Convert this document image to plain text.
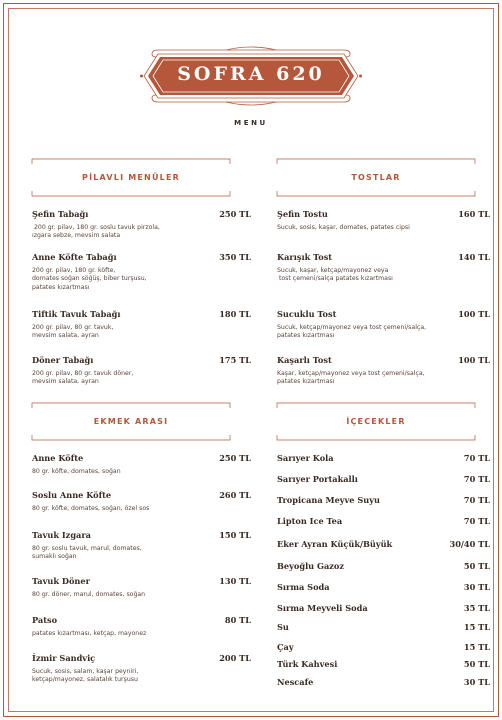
SOFRA 620
MENU
PİLAVLI MENÜLER	TOSTLAR
EKMEK ARASI	İÇECEKLER
Şefin Tabağı	250 TL
200 gr. pilav, 180 gr. soslu tavuk pirzola,
ızgara sebze, mevsim salata
Anne Köfte Tabağı	350 TL
200 gr. pilav, 180 gr. köfte,
domates soğan söğüş, biber turşusu,
patates kızartması
Tiftik Tavuk Tabağı	180 TL
200 gr. pilav, 80 gr. tavuk,
mevsim salata, ayran
Döner Tabağı	175 TL
200 gr. pilav, 80 gr. tavuk döner,
mevsim salata, ayran
Şefin Tostu	160 TL
Sucuk, sosis, kaşar, domates, patates cipsi
Karışık Tost	140 TL
Sucuk, kaşar, ketçap/mayonez veya
tost çemeni/salça patates kızartması
Sucuklu Tost	100 TL
Sucuk, ketçap/mayonez veya tost çemeni/salça,
patates kızartması
Kaşarlı Tost	100 TL
Kaşar, ketçap/mayonez veya tost çemeni/salça,
patates kızartması
Anne Köfte	250 TL
80 gr. köfte, domates, soğan
Soslu Anne Köfte	260 TL
80 gr. köfte, domates, soğan, özel sos
Tavuk Izgara	150 TL
80 gr. soslu tavuk, marul, domates,
sumaklı soğan
Tavuk Döner	130 TL
80 gr. döner, marul, domates, soğan
Patso	80 TL
patates kızartması, ketçap, mayonez
İzmir Sandviç	200 TL
Sucuk, sosis, salam, kaşar peyniri,
ketçap/mayonez, salatalık turşusu
Sarıyer Kola	70 TL
Sarıyer Portakallı	70 TL
Tropicana Meyve Suyu	70 TL
Lipton Ice Tea	70 TL
Eker Ayran Küçük/Büyük	30/40 TL
Beyoğlu Gazoz	50 TL
Sırma Soda	30 TL
Sırma Meyveli Soda	35 TL
Su	15 TL
Çay	15 TL
Türk Kahvesi	50 TL
Nescafe	30 TL
